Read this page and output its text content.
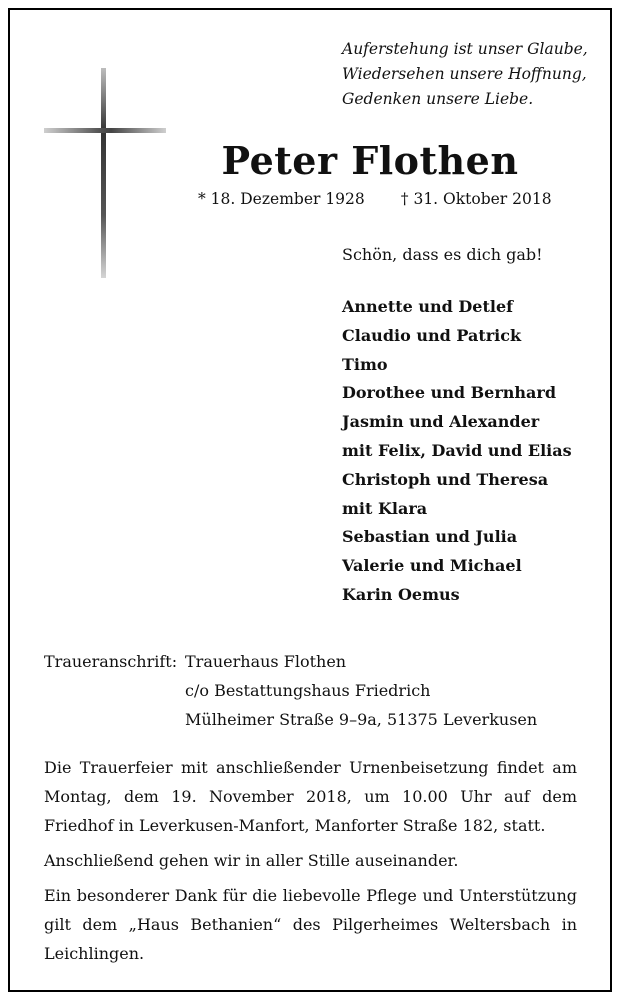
Auferstehung ist unser Glaube,
Wiedersehen unsere Hoffnung,
Gedenken unsere Liebe.
Peter Flothen
* 18. Dezember 1928 † 31. Oktober 2018
Schön, dass es dich gab!
Annette und Detlef
Claudio und Patrick
Timo
Dorothee und Bernhard
Jasmin und Alexander
mit Felix, David und Elias
Christoph und Theresa
mit Klara
Sebastian und Julia
Valerie und Michael
Karin Oemus
Traueranschrift: Trauerhaus Flothen
c/o Bestattungshaus Friedrich
Mülheimer Straße 9–9a, 51375 Leverkusen

Die Trauerfeier mit anschließender Urnenbeisetzung findet am Montag, dem 19. November 2018, um 10.00 Uhr auf dem Friedhof in Leverkusen-Manfort, Manforter Straße 182, statt.

Anschließend gehen wir in aller Stille auseinander.

Ein besonderer Dank für die liebevolle Pflege und Unterstützung gilt dem „Haus Bethanien“ des Pilgerheimes Weltersbach in Leichlingen.
